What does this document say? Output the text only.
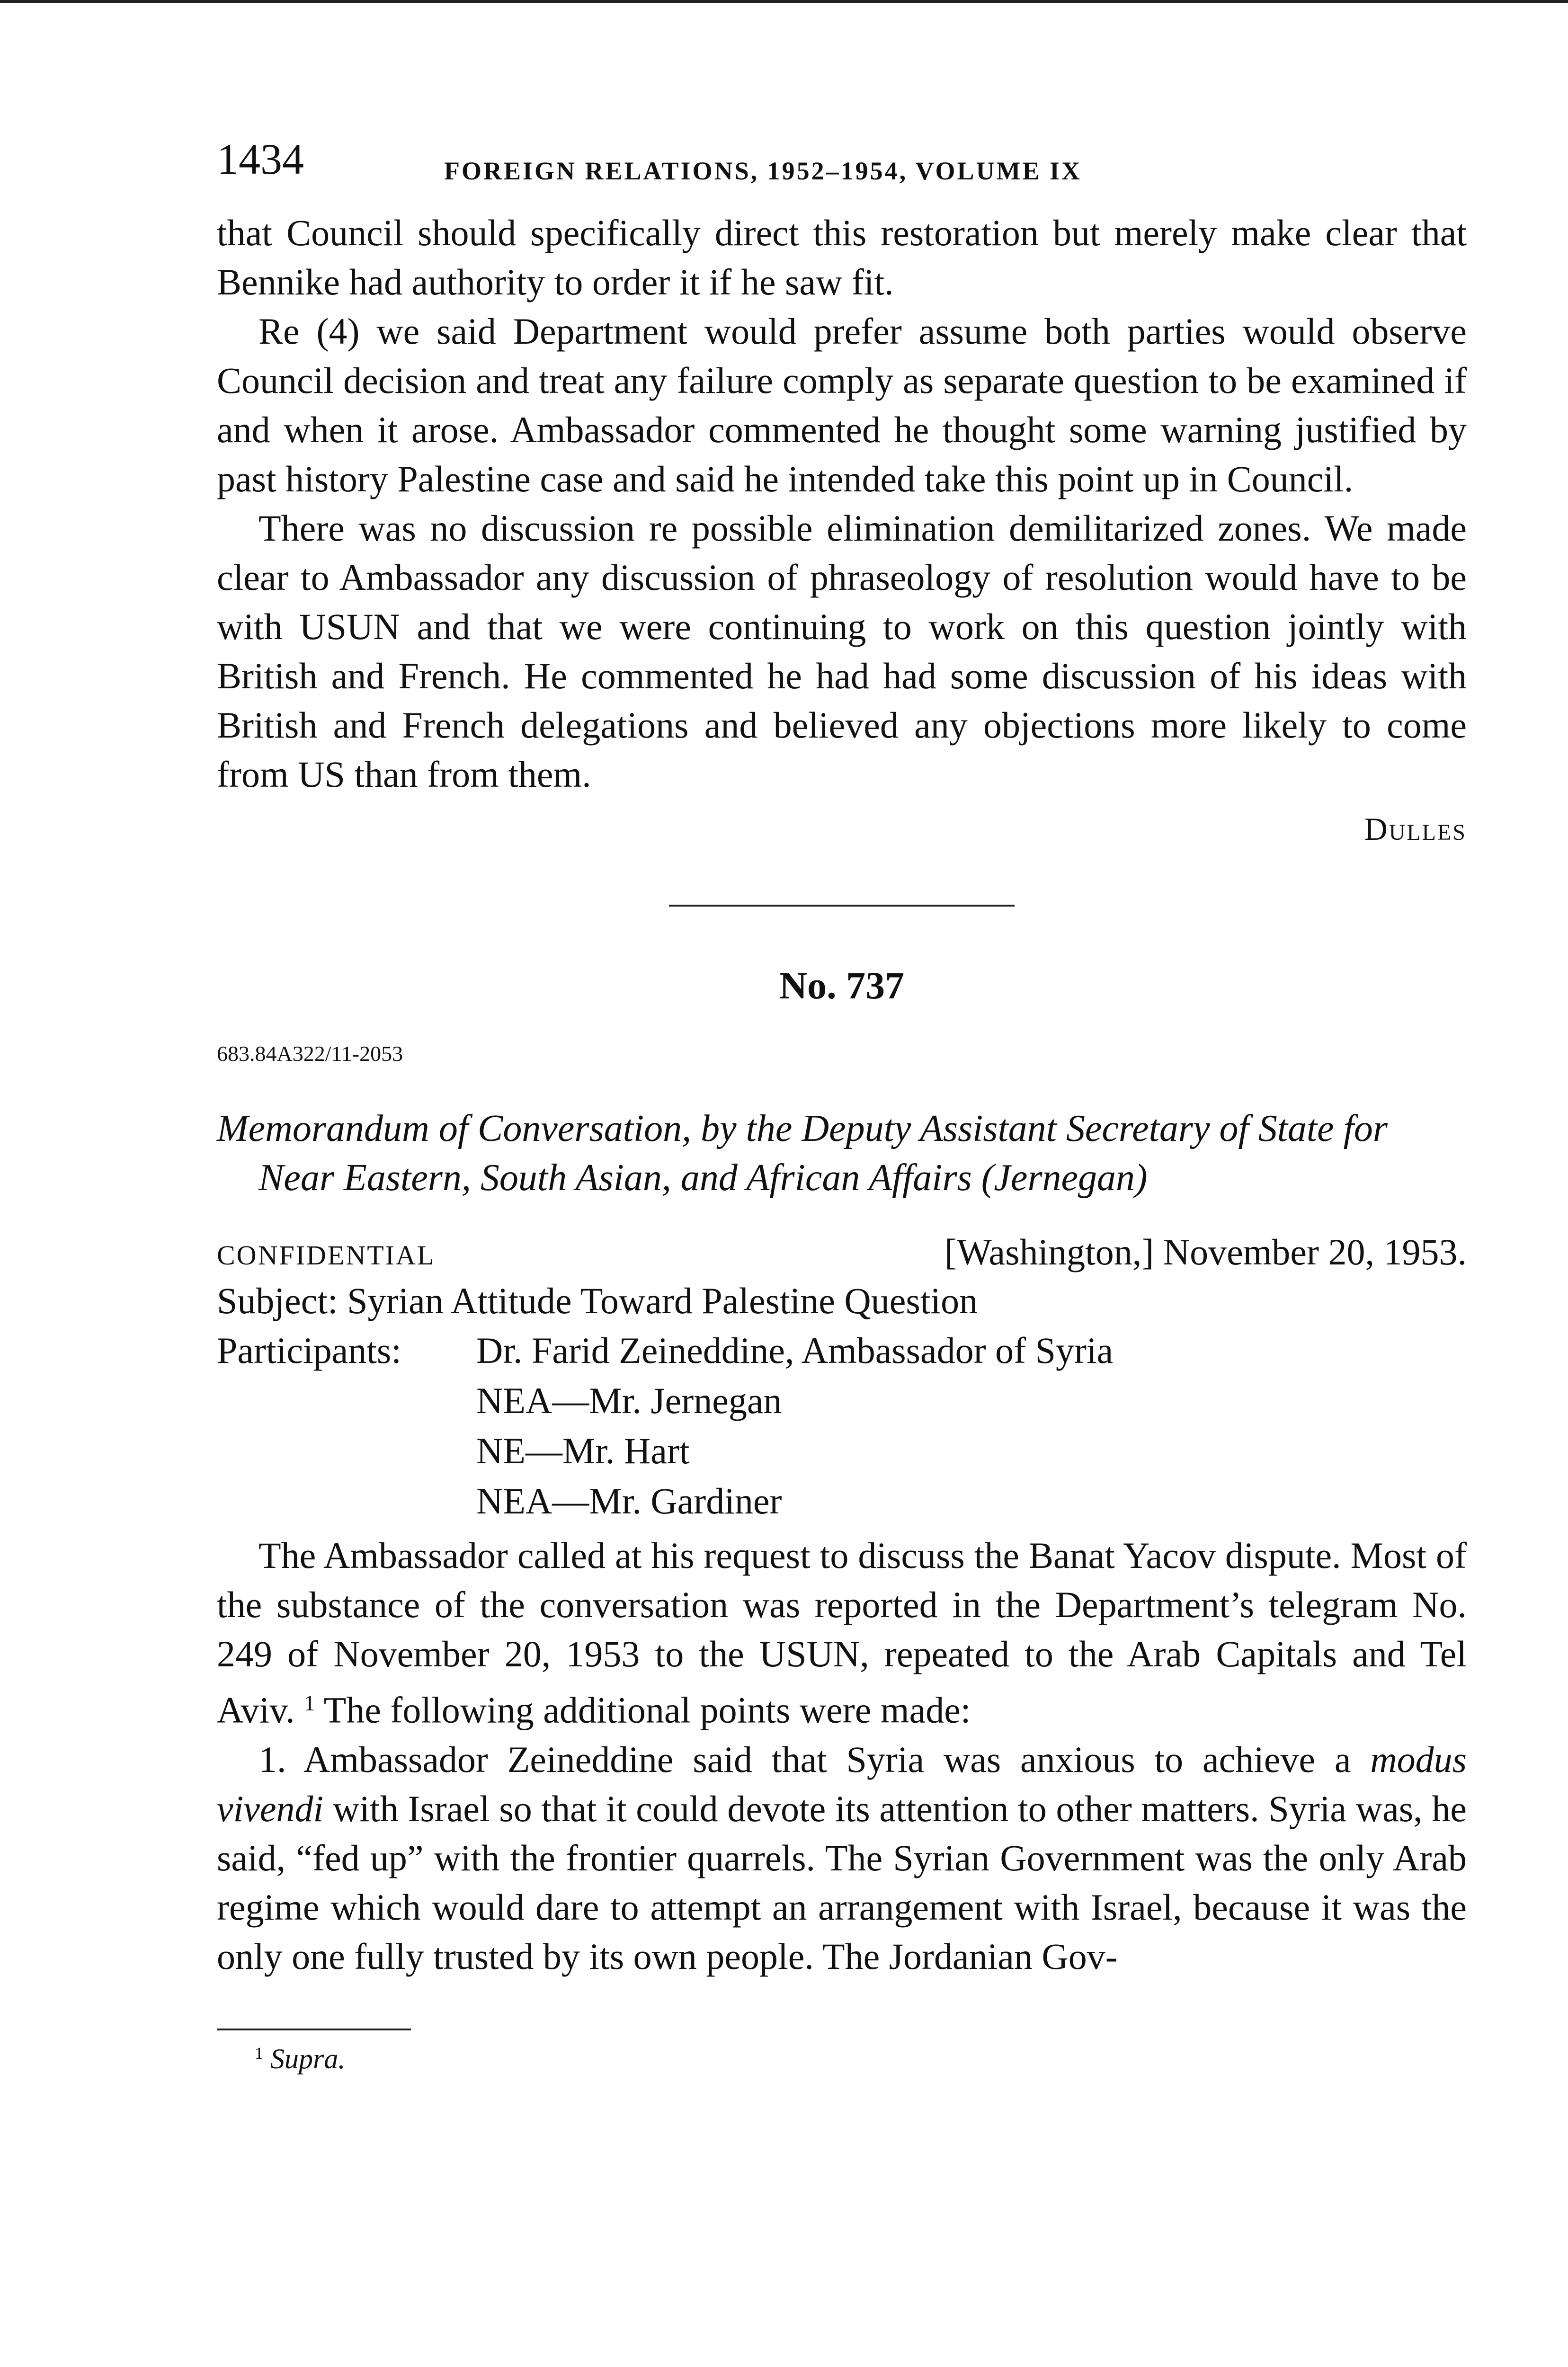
1434	FOREIGN RELATIONS, 1952–1954, VOLUME IX

that Council should specifically direct this restoration but merely make clear that Bennike had authority to order it if he saw fit.

Re (4) we said Department would prefer assume both parties would observe Council decision and treat any failure comply as separate question to be examined if and when it arose. Ambassador commented he thought some warning justified by past history Palestine case and said he intended take this point up in Council.

There was no discussion re possible elimination demilitarized zones. We made clear to Ambassador any discussion of phraseology of resolution would have to be with USUN and that we were continuing to work on this question jointly with British and French. He commented he had had some discussion of his ideas with British and French delegations and believed any objections more likely to come from US than from them.

Dulles
No. 737
683.84A322/11-2053
Memorandum of Conversation, by the Deputy Assistant Secretary of State for Near Eastern, South Asian, and African Affairs (Jernegan)
CONFIDENTIAL	[Washington,] November 20, 1953.
Subject: Syrian Attitude Toward Palestine Question
Participants:	Dr. Farid Zeineddine, Ambassador of Syria
NEA—Mr. Jernegan
NE—Mr. Hart
NEA—Mr. Gardiner

The Ambassador called at his request to discuss the Banat Yacov dispute. Most of the substance of the conversation was reported in the Department’s telegram No. 249 of November 20, 1953 to the USUN, repeated to the Arab Capitals and Tel Aviv. $^1$ The following additional points were made:

1. Ambassador Zeineddine said that Syria was anxious to achieve a modus vivendi with Israel so that it could devote its attention to other matters. Syria was, he said, “fed up” with the frontier quarrels. The Syrian Government was the only Arab regime which would dare to attempt an arrangement with Israel, because it was the only one fully trusted by its own people. The Jordanian Gov-

$^1$ Supra.
